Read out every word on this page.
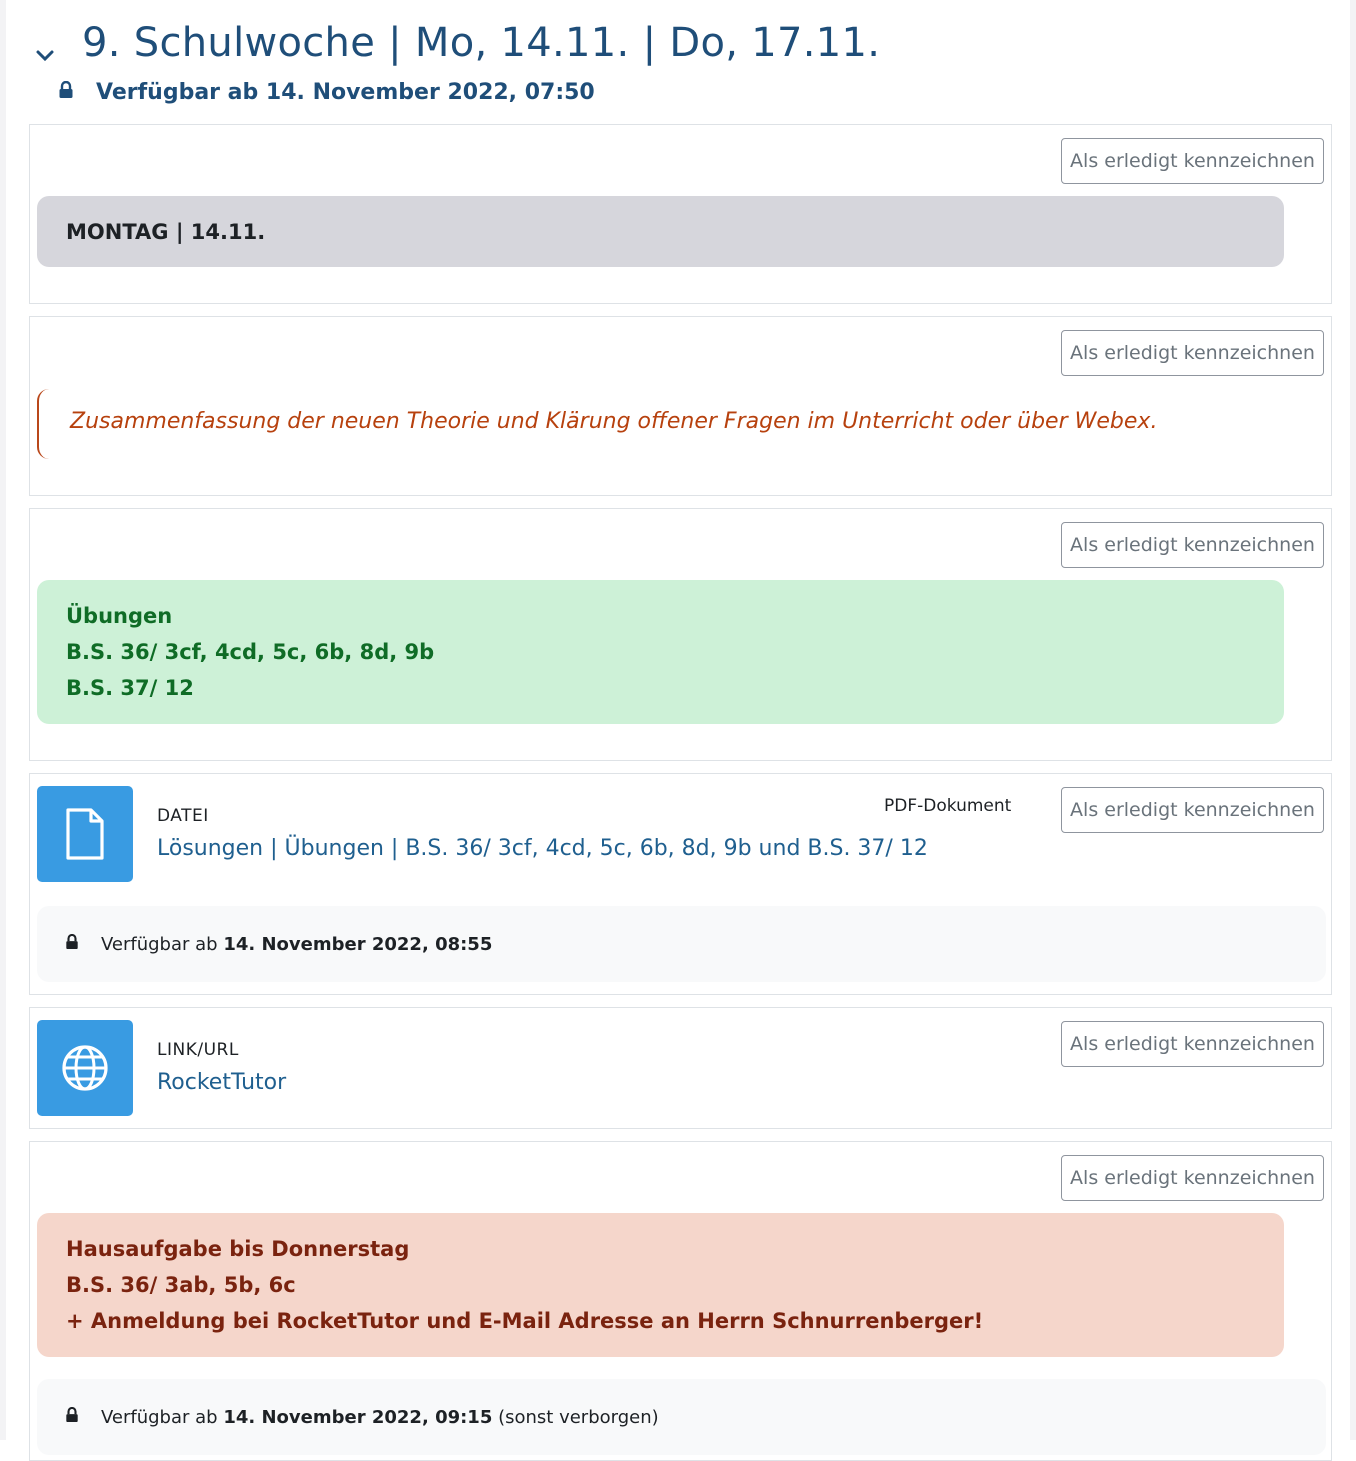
9. Schulwoche | Mo, 14.11. | Do, 17.11.
Verfügbar ab 14. November 2022, 07:50
Als erledigt kennzeichnen
MONTAG | 14.11.
Als erledigt kennzeichnen

Zusammenfassung der neuen Theorie und Klärung offener Fragen im Unterricht oder über Webex.

Als erledigt kennzeichnen
Übungen
B.S. 36/ 3cf, 4cd, 5c, 6b, 8d, 9b
B.S. 37/ 12
DATEI
Lösungen | Übungen | B.S. 36/ 3cf, 4cd, 5c, 6b, 8d, 9b und B.S. 37/ 12
PDF-Dokument	Als erledigt kennzeichnen
Verfügbar ab 14. November 2022, 08:55
LINK/URL
RocketTutor
Als erledigt kennzeichnen
Als erledigt kennzeichnen
Hausaufgabe bis Donnerstag
B.S. 36/ 3ab, 5b, 6c
+ Anmeldung bei RocketTutor und E-Mail Adresse an Herrn Schnurrenberger!
Verfügbar ab 14. November 2022, 09:15 (sonst verborgen)
